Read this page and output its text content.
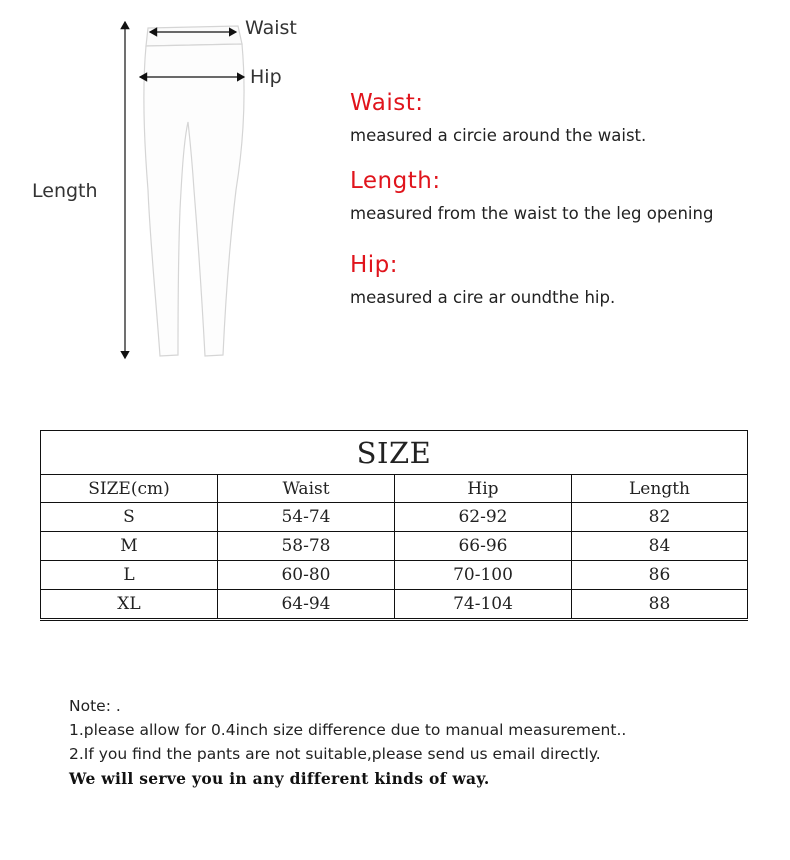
Waist
Hip
Length
Waist:
measured a circie around the waist.
Length:
measured from the waist to the leg opening
Hip:
measured a cire ar oundthe hip.
SIZE			
SIZE(cm)	Waist	Hip	Length
S	54-74	62-92	82
M	58-78	66-96	84
L	60-80	70-100	86
XL	64-94	74-104	88
Note: .
1.please allow for 0.4inch size difference due to manual measurement..
2.If you find the pants are not suitable,please send us email directly.
We will serve you in any different kinds of way.
